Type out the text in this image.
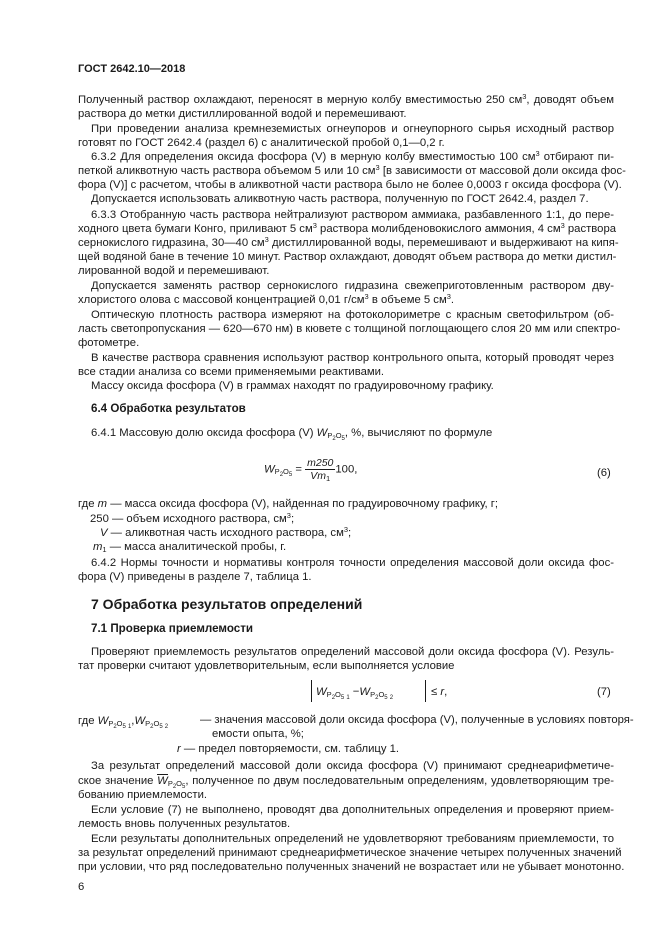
ГОСТ 2642.10—2018
Полученный раствор охлаждают, переносят в мерную колбу вместимостью 250 $см^3$, доводят объем
раствора до метки дистиллированной водой и перемешивают.
При проведении анализа кремнеземистых огнеупоров и огнеупорного сырья исходный раствор
готовят по ГОСТ 2642.4 (раздел 6) с аналитической пробой 0,1—0,2 г.
6.3.2 Для определения оксида фосфора (V) в мерную колбу вместимостью 100 $см^3$ отбирают пи-
петкой аликвотную часть раствора объемом 5 или 10 $см^3$ [в зависимости от массовой доли оксида фос-
фора (V)] с расчетом, чтобы в аликвотной части раствора было не более 0,0003 г оксида фосфора (V).
Допускается использовать аликвотную часть раствора, полученную по ГОСТ 2642.4, раздел 7.
6.3.3 Отобранную часть раствора нейтрализуют раствором аммиака, разбавленного 1:1, до пере-
ходного цвета бумаги Конго, приливают 5 $см^3$ раствора молибденовокислого аммония, 4 $см^3$ раствора
сернокислого гидразина, 30—40 $см^3$ дистиллированной воды, перемешивают и выдерживают на кипя-
щей водяной бане в течение 10 минут. Раствор охлаждают, доводят объем раствора до метки дистил-
лированной водой и перемешивают.
Допускается заменять раствор сернокислого гидразина свежеприготовленным раствором дву-
хлористого олова с массовой концентрацией 0,01 $г/см^3$ в объеме 5 $см^3$.
Оптическую плотность раствора измеряют на фотоколориметре с красным светофильтром (об-
ласть светопропускания — 620—670 нм) в кювете с толщиной поглощающего слоя 20 мм или спектро-
фотометре.
В качестве раствора сравнения используют раствор контрольного опыта, который проводят через
все стадии анализа со всеми применяемыми реактивами.
Массу оксида фосфора (V) в граммах находят по градуировочному графику.
6.4 Обработка результатов
6.4.1 Массовую долю оксида фосфора (V) $W_{P_2O_5}$, %, вычисляют по формуле
$W_{P_2O_5} = \frac{m250}{Vm_1} 100$,	(6)
где m — масса оксида фосфора (V), найденная по градуировочному графику, г;
250 — объем исходного раствора, $см^3$;
V — аликвотная часть исходного раствора, $см^3$;
$m_1$ — масса аналитической пробы, г.
6.4.2 Нормы точности и нормативы контроля точности определения массовой доли оксида фос-
фора (V) приведены в разделе 7, таблица 1.
7 Обработка результатов определений
7.1 Проверка приемлемости
Проверяют приемлемость результатов определений массовой доли оксида фосфора (V). Резуль-
тат проверки считают удовлетворительным, если выполняется условие
$W_{P_2O_5 _1} -W_{P_2O_5 _2}$	≤ r,	(7)
где $W_{P_2O_5 _1},W_{P_2O_5 _2}$
— значения массовой доли оксида фосфора (V), полученные в условиях повторя-
емости опыта, %;
r — предел повторяемости, см. таблицу 1.
За результат определений массовой доли оксида фосфора (V) принимают среднеарифметиче-
ское значение $W_{P_2O_5}$, полученное по двум последовательным определениям, удовлетворяющим тре-
бованию приемлемости.
Если условие (7) не выполнено, проводят два дополнительных определения и проверяют прием-
лемость вновь полученных результатов.
Если результаты дополнительных определений не удовлетворяют требованиям приемлемости, то
за результат определений принимают среднеарифметическое значение четырех полученных значений
при условии, что ряд последовательно полученных значений не возрастает или не убывает монотонно.
6
